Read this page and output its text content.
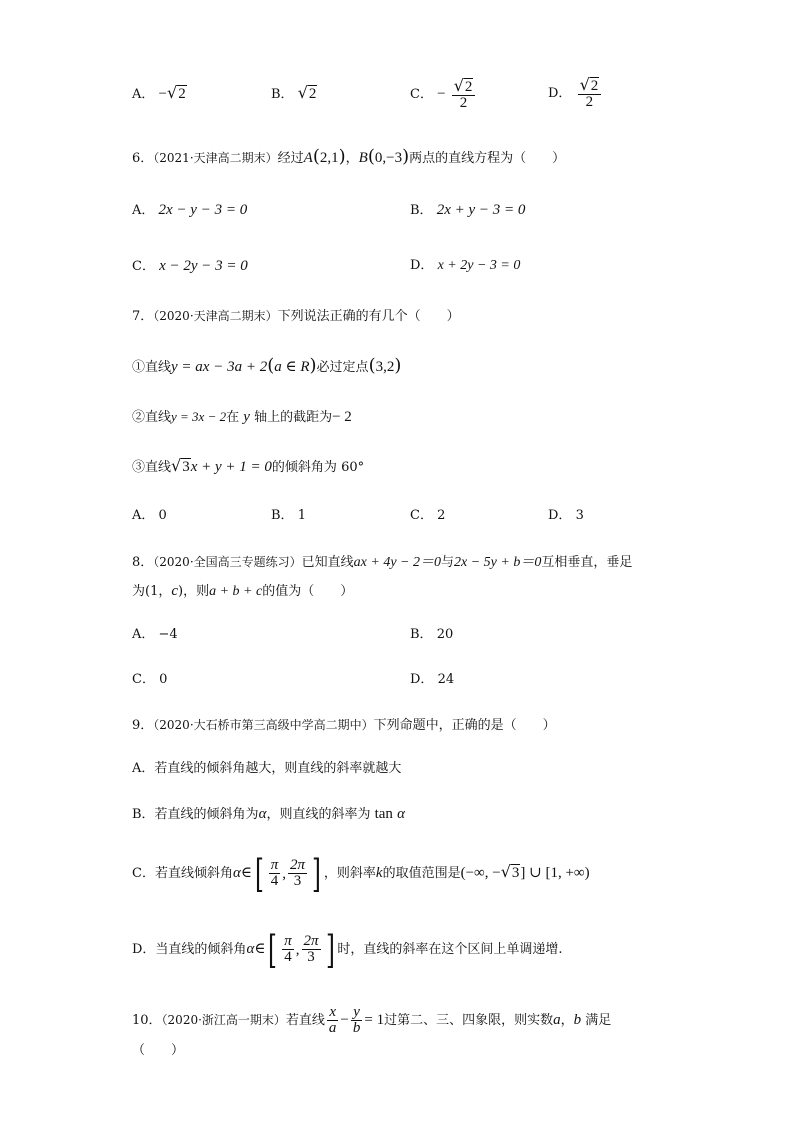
A． −√2	B． √2	C． − $\frac{√2}{2}$	D． $\frac{√2}{2}$
6．（2021·天津高二期末）经过A(2,1)，B(0,−3)两点的直线方程为（　　）
A． 2x − y − 3 = 0	B． 2x + y − 3 = 0
C． x − 2y − 3 = 0	D． x + 2y − 3 = 0
7．（2020·天津高二期末）下列说法正确的有几个（　　）
①直线y = ax − 3a + 2(a ∈ R)必过定点(3,2)
②直线y = 3x − 2在 y 轴上的截距为− 2
③直线√3x + y + 1 = 0的倾斜角为 60°
A． 0	B． 1	C． 2	D． 3
8．（2020·全国高三专题练习）已知直线ax + 4y − 2＝0与2x − 5y + b＝0互相垂直，垂足
为(1，c)，则a + b + c的值为（　　）
A． −4	B． 20
C． 0	D． 24
9．（2020·大石桥市第三高级中学高二期中）下列命题中，正确的是（　　）
A．若直线的倾斜角越大，则直线的斜率就越大
B．若直线的倾斜角为α，则直线的斜率为 tan α
C．若直线倾斜角α∈ [ $\frac{\pi}{4}$ , $\frac{2\pi}{3}$ ] ，则斜率k的取值范围是(−∞, −√3] ∪ [1, +∞)
D．当直线的倾斜角α∈ [ $\frac{\pi}{4}$ , $\frac{2\pi}{3}$ ] 时，直线的斜率在这个区间上单调递增.
10．（2020·浙江高一期末）若直线 $\frac{x}{a} - \frac{y}{b} = 1$过第二、三、四象限，则实数a，b 满足
（　　）
